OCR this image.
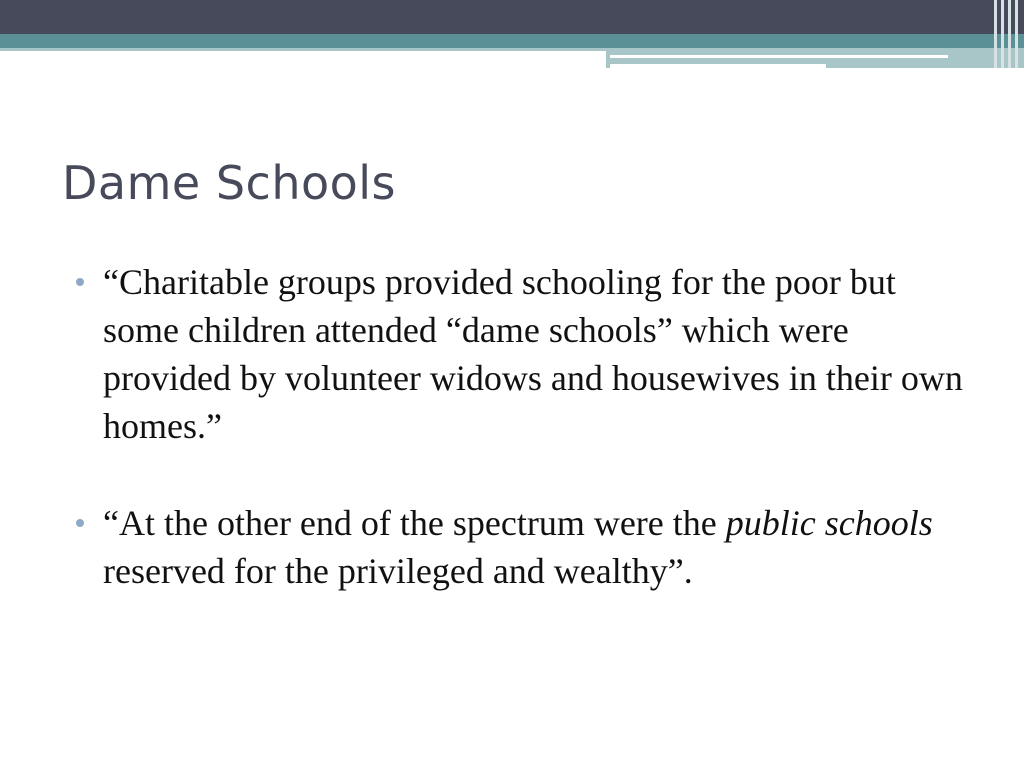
Dame Schools
“Charitable groups provided schooling for the poor but some children attended “dame schools” which were provided by volunteer widows and housewives in their own homes.”
“At the other end of the spectrum were the public schools reserved for the privileged and wealthy”.
